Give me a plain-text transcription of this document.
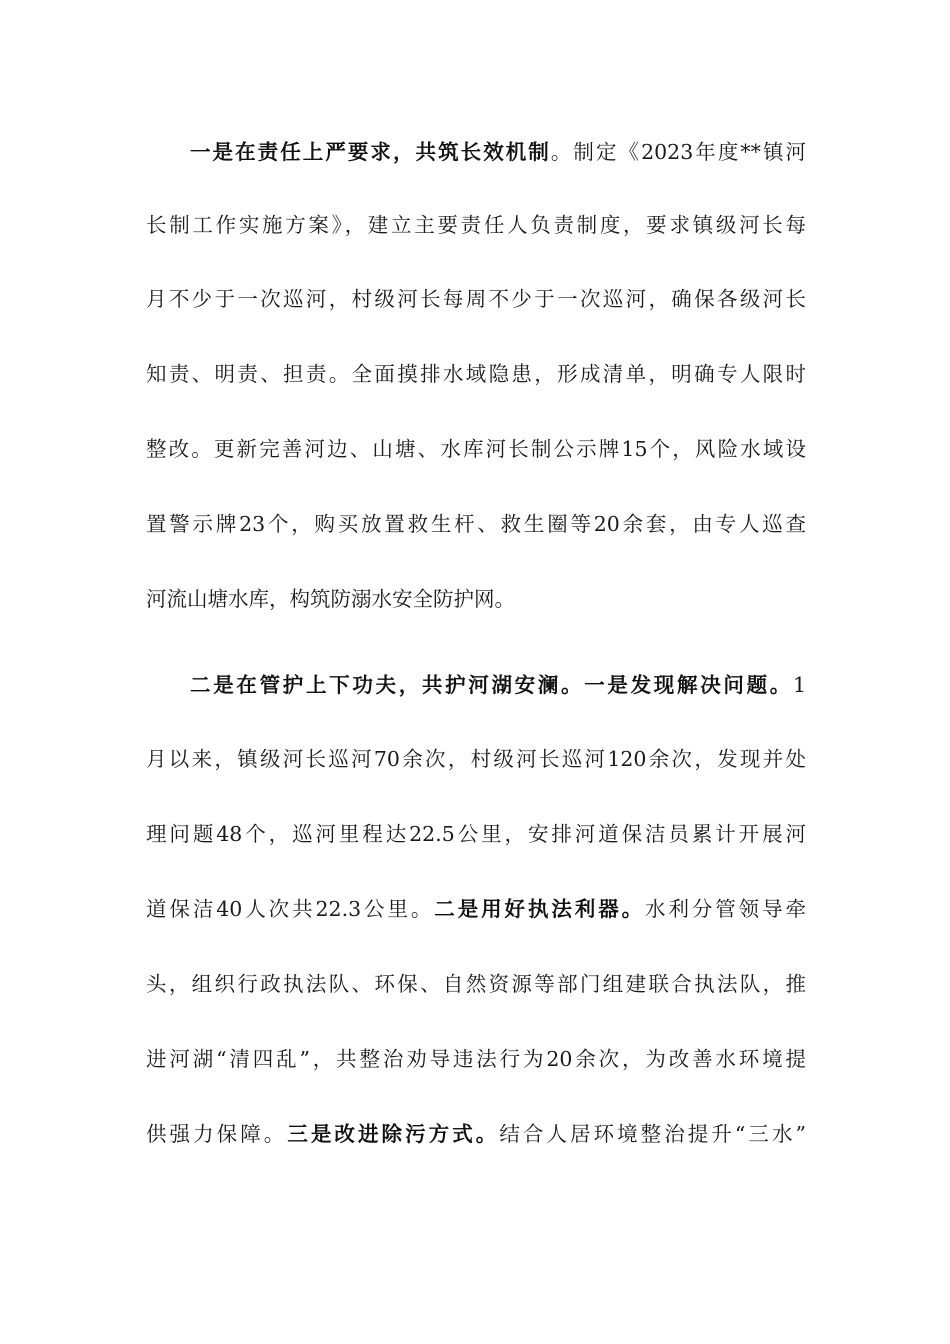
一是在责任上严要求，共筑长效机制。制定《2023年度**镇河
长制工作实施方案》，建立主要责任人负责制度，要求镇级河长每
月不少于一次巡河，村级河长每周不少于一次巡河，确保各级河长
知责、明责、担责。全面摸排水域隐患，形成清单，明确专人限时
整改。更新完善河边、山塘、水库河长制公示牌15个，风险水域设
置警示牌23个，购买放置救生杆、救生圈等20余套，由专人巡查
河流山塘水库，构筑防溺水安全防护网。
二是在管护上下功夫，共护河湖安澜。一是发现解决问题。1
月以来，镇级河长巡河70余次，村级河长巡河120余次，发现并处
理问题48个，巡河里程达22.5公里，安排河道保洁员累计开展河
道保洁40人次共22.3公里。二是用好执法利器。水利分管领导牵
头，组织行政执法队、环保、自然资源等部门组建联合执法队，推
进河湖“清四乱”，共整治劝导违法行为20余次，为改善水环境提
供强力保障。三是改进除污方式。结合人居环境整治提升“三水”
